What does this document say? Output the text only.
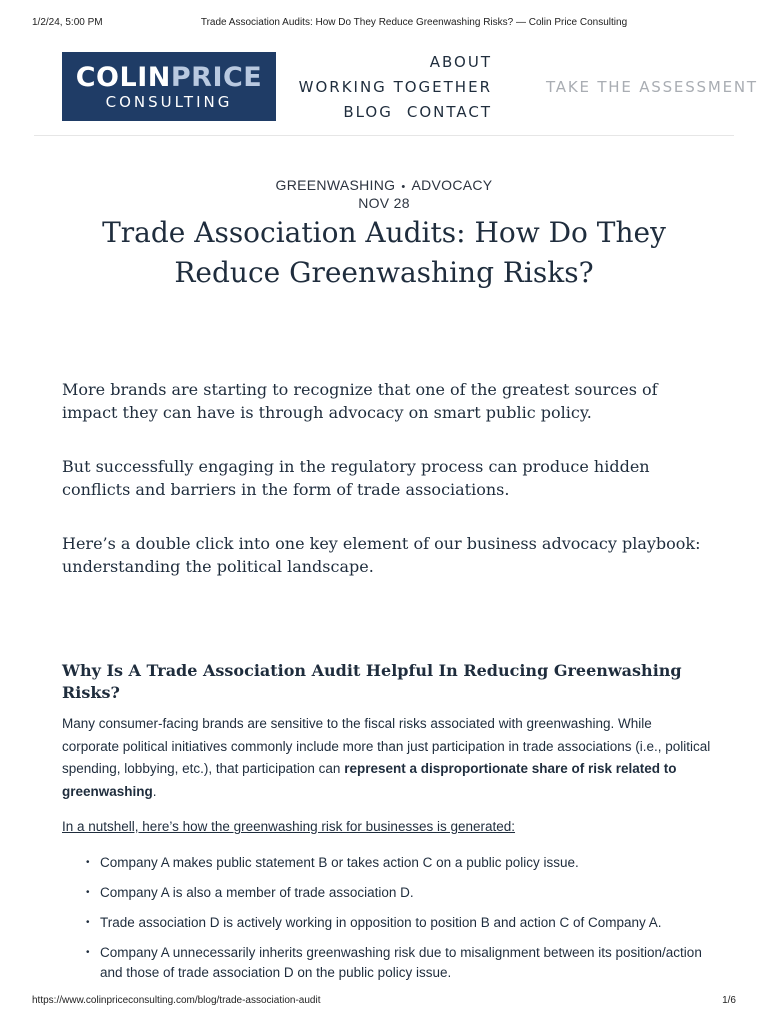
1/2/24, 5:00 PM	Trade Association Audits: How Do They Reduce Greenwashing Risks? — Colin Price Consulting
COLINPRICE
CONSULTING
ABOUT
WORKING TOGETHER
BLOG CONTACT
TAKE THE ASSESSMENT
GREENWASHING • ADVOCACY
NOV 28
Trade Association Audits: How Do They Reduce Greenwashing Risks?

More brands are starting to recognize that one of the greatest sources of impact they can have is through advocacy on smart public policy.

But successfully engaging in the regulatory process can produce hidden conflicts and barriers in the form of trade associations.

Here’s a double click into one key element of our business advocacy playbook: understanding the political landscape.

Why Is A Trade Association Audit Helpful In Reducing Greenwashing Risks?

Many consumer-facing brands are sensitive to the fiscal risks associated with greenwashing. While corporate political initiatives commonly include more than just participation in trade associations (i.e., political spending, lobbying, etc.), that participation can represent a disproportionate share of risk related to greenwashing.

In a nutshell, here’s how the greenwashing risk for businesses is generated:

• Company A makes public statement B or takes action C on a public policy issue.
• Company A is also a member of trade association D.
• Trade association D is actively working in opposition to position B and action C of Company A.
• Company A unnecessarily inherits greenwashing risk due to misalignment between its position/action and those of trade association D on the public policy issue.
https://www.colinpriceconsulting.com/blog/trade-association-audit	1/6
